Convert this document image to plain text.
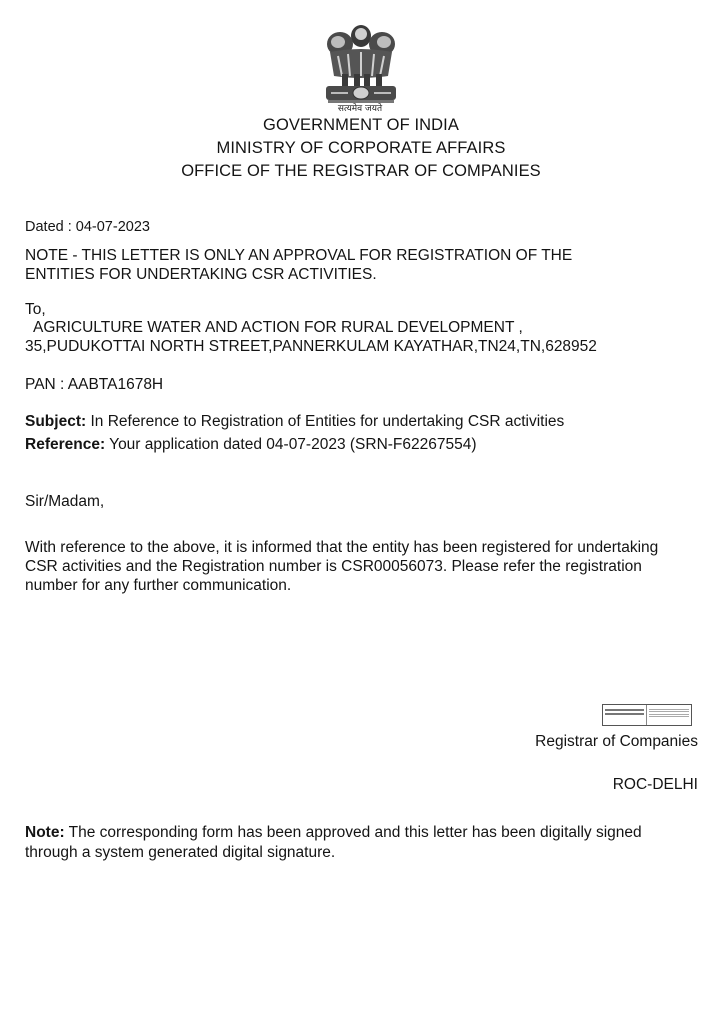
सत्यमेव जयते
GOVERNMENT OF INDIA
MINISTRY OF CORPORATE AFFAIRS
OFFICE OF THE REGISTRAR OF COMPANIES
Dated : 04-07-2023
NOTE - THIS LETTER IS ONLY AN APPROVAL FOR REGISTRATION OF THE
ENTITIES FOR UNDERTAKING CSR ACTIVITIES.
To,
AGRICULTURE WATER AND ACTION FOR RURAL DEVELOPMENT ,
35,PUDUKOTTAI NORTH STREET,PANNERKULAM KAYATHAR,TN24,TN,628952
PAN : AABTA1678H
Subject: In Reference to Registration of Entities for undertaking CSR activities
Reference: Your application dated 04-07-2023 (SRN-F62267554)
Sir/Madam,
With reference to the above, it is informed that the entity has been registered for undertaking
CSR activities and the Registration number is CSR00056073. Please refer the registration
number for any further communication.
Registrar of Companies
ROC-DELHI
Note: The corresponding form has been approved and this letter has been digitally signed
through a system generated digital signature.
